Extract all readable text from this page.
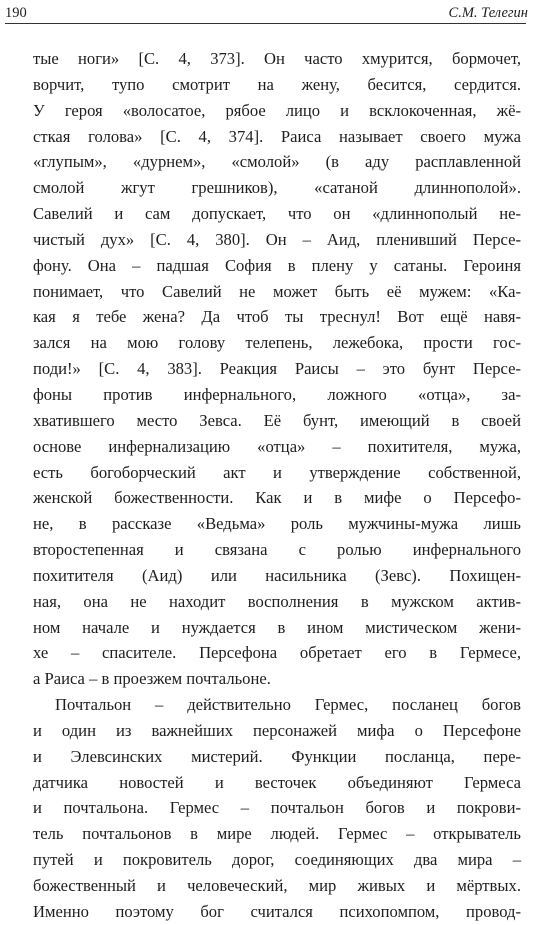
190	С.М. Телегин
тые ноги» [С. 4, 373]. Он часто хмурится, бормочет,
ворчит, тупо смотрит на жену, бесится, сердится.
У героя «волосатое, рябое лицо и всклокоченная, жё-
сткая голова» [С. 4, 374]. Раиса называет своего мужа
«глупым», «дурнем», «смолой» (в аду расплавленной
смолой жгут грешников), «сатаной длиннополой».
Савелий и сам допускает, что он «длиннополый не-
чистый дух» [С. 4, 380]. Он – Аид, пленивший Персе-
фону. Она – падшая София в плену у сатаны. Героиня
понимает, что Савелий не может быть её мужем: «Ка-
кая я тебе жена? Да чтоб ты треснул! Вот ещё навя-
зался на мою голову телепень, лежебока, прости гос-
поди!» [С. 4, 383]. Реакция Раисы – это бунт Персе-
фоны против инфернального, ложного «отца», за-
хватившего место Зевса. Её бунт, имеющий в своей
основе инфернализацию «отца» – похитителя, мужа,
есть богоборческий акт и утверждение собственной,
женской божественности. Как и в мифе о Персефо-
не, в рассказе «Ведьма» роль мужчины-мужа лишь
второстепенная и связана с ролью инфернального
похитителя (Аид) или насильника (Зевс). Похищен-
ная, она не находит восполнения в мужском актив-
ном начале и нуждается в ином мистическом жени-
хе – спасителе. Персефона обретает его в Гермесе,
а Раиса – в проезжем почтальоне.
Почтальон – действительно Гермес, посланец богов
и один из важнейших персонажей мифа о Персефоне
и Элевсинских мистерий. Функции посланца, пере-
датчика новостей и весточек объединяют Гермеса
и почтальона. Гермес – почтальон богов и покрови-
тель почтальонов в мире людей. Гермес – открыватель
путей и покровитель дорог, соединяющих два мира –
божественный и человеческий, мир живых и мёртвых.
Именно поэтому бог считался психопомпом, провод-
